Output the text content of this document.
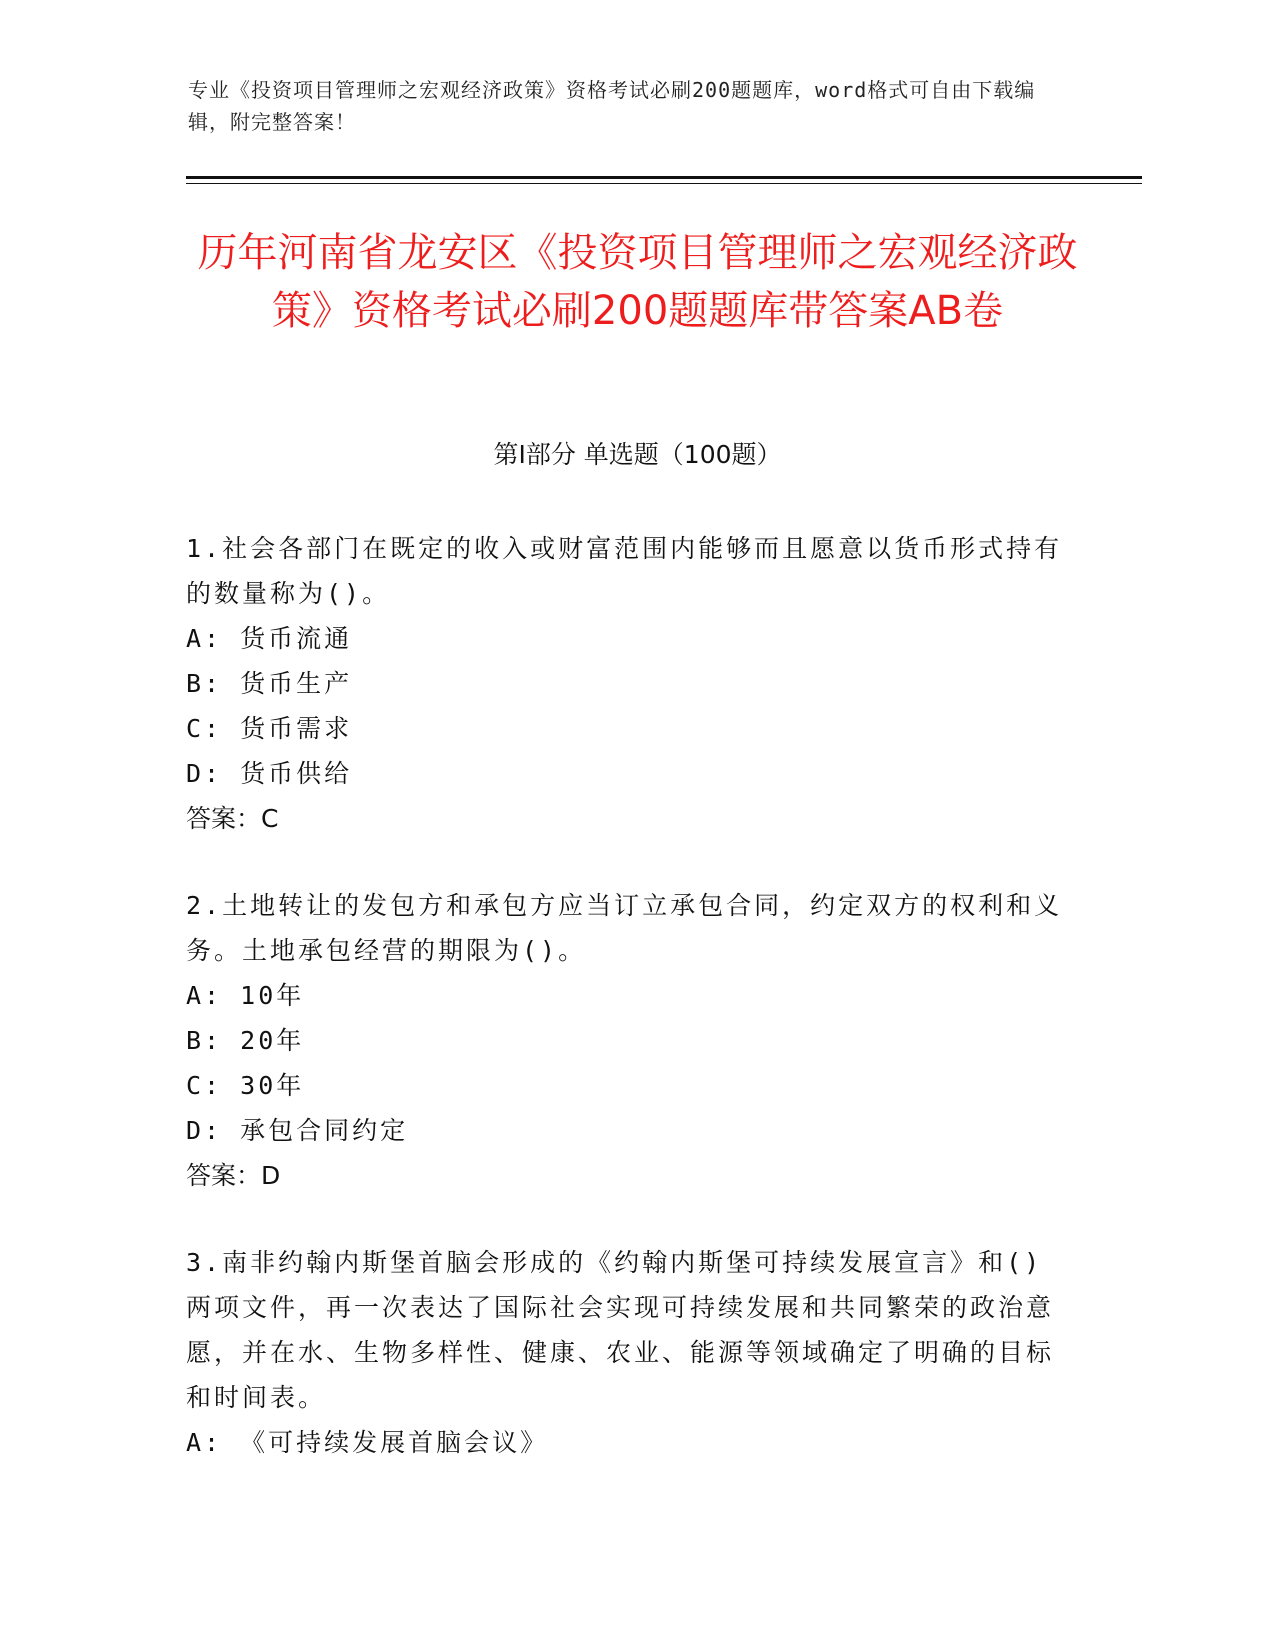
专业《投资项目管理师之宏观经济政策》资格考试必刷200题题库，word格式可自由下载编辑，附完整答案！
历年河南省龙安区《投资项目管理师之宏观经济政策》资格考试必刷200题题库带答案AB卷
第Ⅰ部分 单选题（100题）
1.社会各部门在既定的收入或财富范围内能够而且愿意以货币形式持有的数量称为()。
A: 货币流通
B: 货币生产
C: 货币需求
D: 货币供给
答案：C
2.土地转让的发包方和承包方应当订立承包合同，约定双方的权利和义务。土地承包经营的期限为()。
A: 10年
B: 20年
C: 30年
D: 承包合同约定
答案：D
3.南非约翰内斯堡首脑会形成的《约翰内斯堡可持续发展宣言》和()两项文件，再一次表达了国际社会实现可持续发展和共同繁荣的政治意愿，并在水、生物多样性、健康、农业、能源等领域确定了明确的目标和时间表。
A: 《可持续发展首脑会议》
